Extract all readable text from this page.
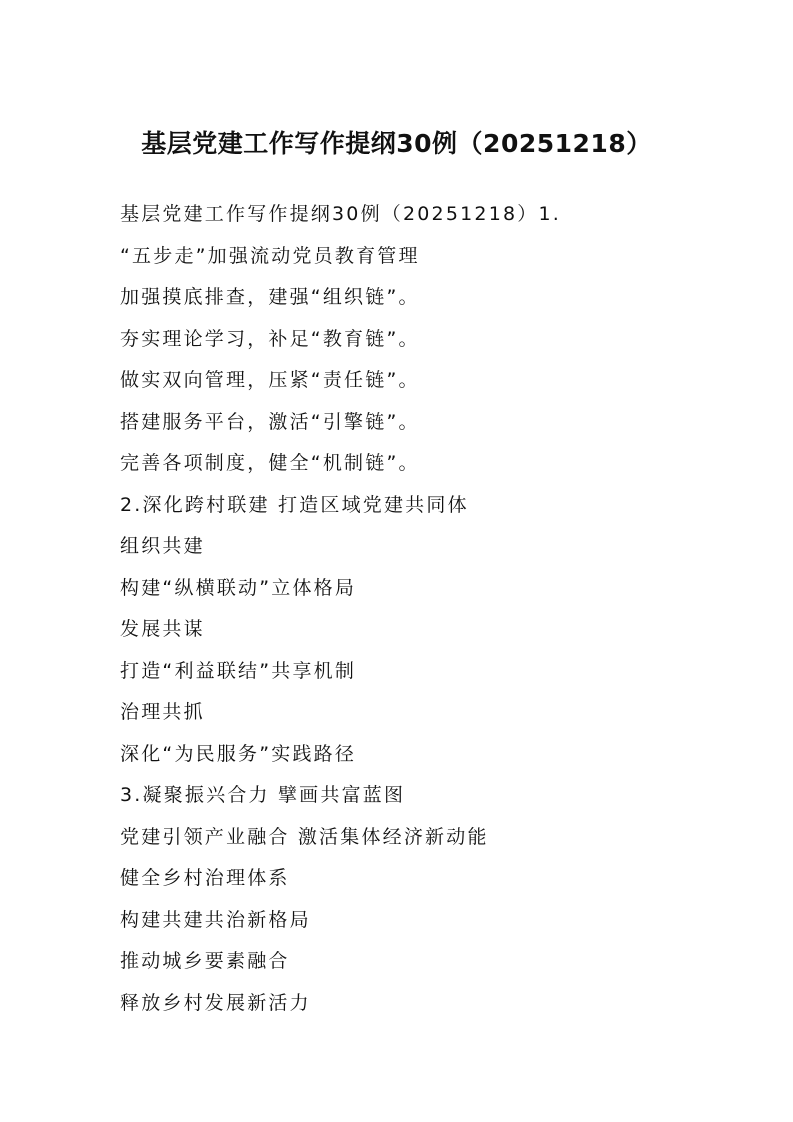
基层党建工作写作提纲30例（20251218）
基层党建工作写作提纲30例（20251218）1.
“五步走”加强流动党员教育管理
加强摸底排查，建强“组织链”。
夯实理论学习，补足“教育链”。
做实双向管理，压紧“责任链”。
搭建服务平台，激活“引擎链”。
完善各项制度，健全“机制链”。
2.深化跨村联建 打造区域党建共同体
组织共建
构建“纵横联动”立体格局
发展共谋
打造“利益联结”共享机制
治理共抓
深化“为民服务”实践路径
3.凝聚振兴合力 擘画共富蓝图
党建引领产业融合 激活集体经济新动能
健全乡村治理体系
构建共建共治新格局
推动城乡要素融合
释放乡村发展新活力
